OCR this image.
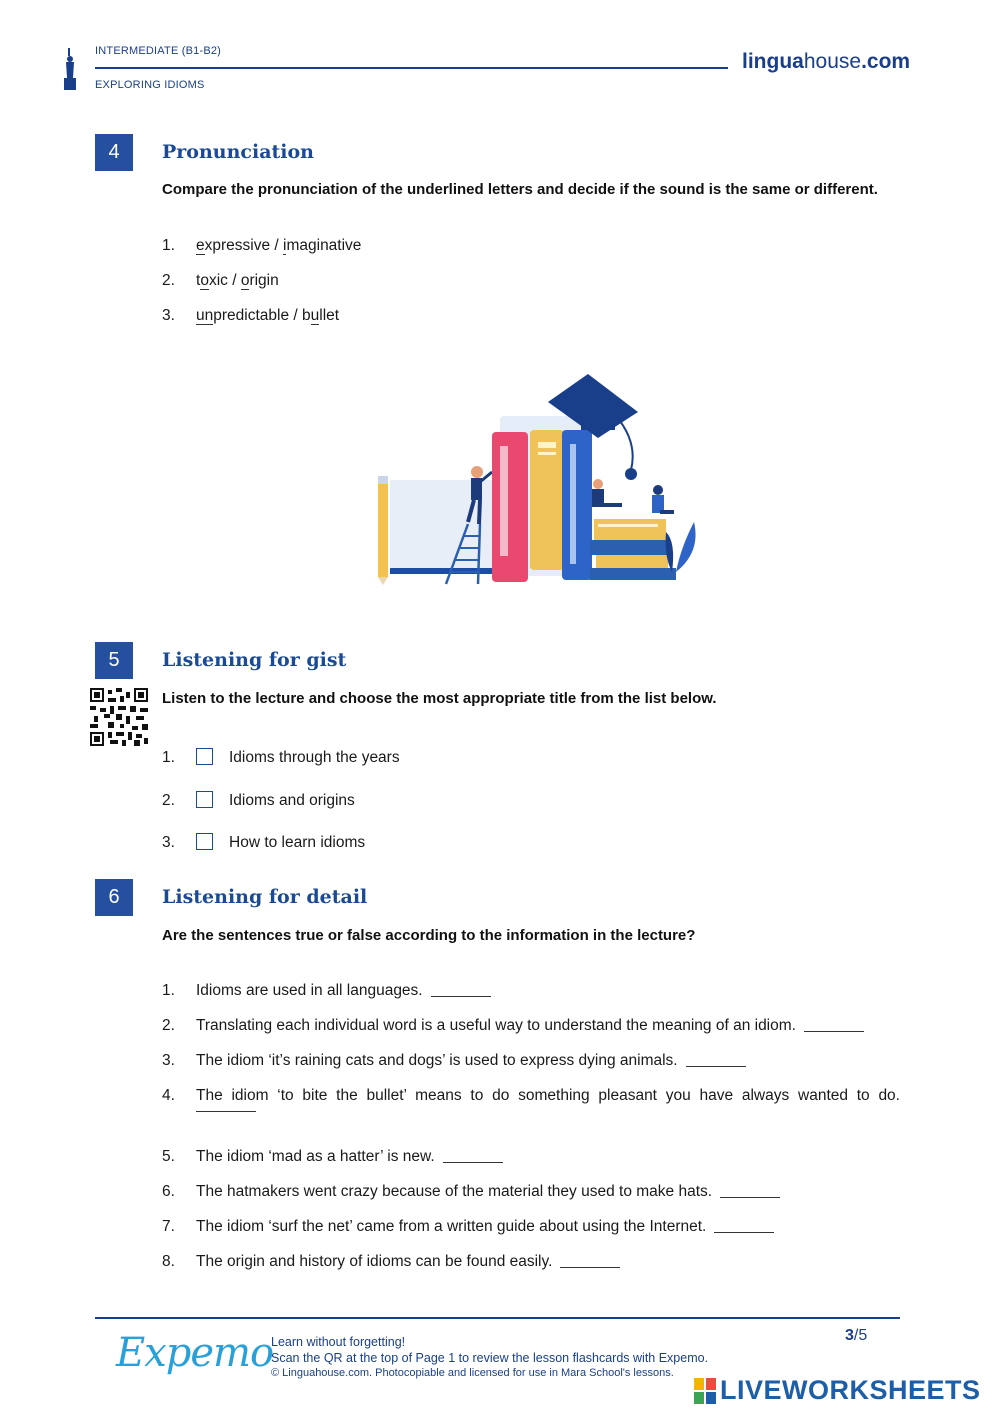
INTERMEDIATE (B1-B2)
EXPLORING IDIOMS
linguahouse.com
4	Pronunciation
Compare the pronunciation of the underlined letters and decide if the sound is the same or different.
1.	expressive / imaginative
2.	toxic / origin
3.	unpredictable / bullet
5	Listening for gist
Listen to the lecture and choose the most appropriate title from the list below.
1.	Idioms through the years
2.	Idioms and origins
3.	How to learn idioms
6	Listening for detail
Are the sentences true or false according to the information in the lecture?
1.	Idioms are used in all languages.
2.	Translating each individual word is a useful way to understand the meaning of an idiom.
3.	The idiom ‘it’s raining cats and dogs’ is used to express dying animals.
4.	The idiom ‘to bite the bullet’ means to do something pleasant you have always wanted to do.
5.	The idiom ‘mad as a hatter’ is new.
6.	The hatmakers went crazy because of the material they used to make hats.
7.	The idiom ‘surf the net’ came from a written guide about using the Internet.
8.	The origin and history of idioms can be found easily.
Expemo
Learn without forgetting!
Scan the QR at the top of Page 1 to review the lesson flashcards with Expemo.
© Linguahouse.com. Photocopiable and licensed for use in Mara School's lessons.
3/5
LIVEWORKSHEETS
